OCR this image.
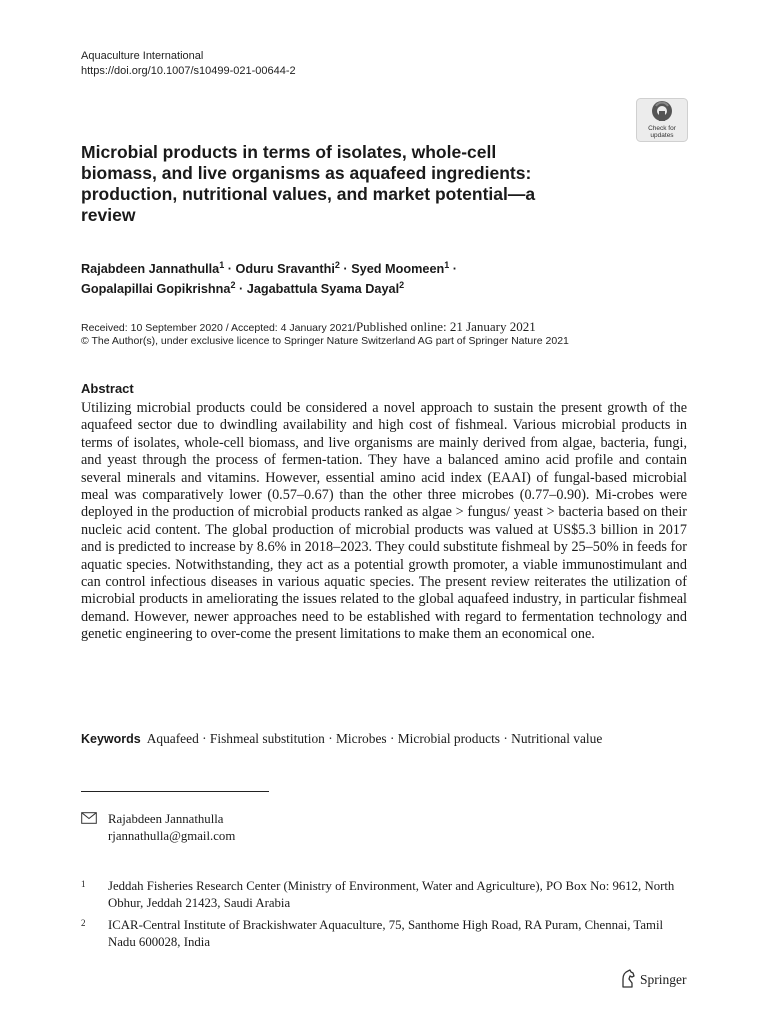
Aquaculture International
https://doi.org/10.1007/s10499-021-00644-2
Check for
updates
Microbial products in terms of isolates, whole-cell biomass, and live organisms as aquafeed ingredients: production, nutritional values, and market potential—a review
Rajabdeen Jannathulla$^1$ · Oduru Sravanthi$^2$ · Syed Moomeen$^1$ ·
Gopalapillai Gopikrishna$^2$ · Jagabattula Syama Dayal$^2$
Received: 10 September 2020 / Accepted: 4 January 2021/Published online: 21 January 2021
© The Author(s), under exclusive licence to Springer Nature Switzerland AG part of Springer Nature 2021
Abstract

Utilizing microbial products could be considered a novel approach to sustain the present growth of the aquafeed sector due to dwindling availability and high cost of fishmeal. Various microbial products in terms of isolates, whole-cell biomass, and live organisms are mainly derived from algae, bacteria, fungi, and yeast through the process of fermen-tation. They have a balanced amino acid profile and contain several minerals and vitamins. However, essential amino acid index (EAAI) of fungal-based microbial meal was comparatively lower (0.57–0.67) than the other three microbes (0.77–0.90). Mi-crobes were deployed in the production of microbial products ranked as algae > fungus/ yeast > bacteria based on their nucleic acid content. The global production of microbial products was valued at US$5.3 billion in 2017 and is predicted to increase by 8.6% in 2018–2023. They could substitute fishmeal by 25–50% in feeds for aquatic species. Notwithstanding, they act as a potential growth promoter, a viable immunostimulant and can control infectious diseases in various aquatic species. The present review reiterates the utilization of microbial products in ameliorating the issues related to the global aquafeed industry, in particular fishmeal demand. However, newer approaches need to be established with regard to fermentation technology and genetic engineering to over-come the present limitations to make them an economical one.

Keywords Aquafeed · Fishmeal substitution · Microbes · Microbial products · Nutritional value
Rajabdeen Jannathulla
rjannathulla@gmail.com
1 Jeddah Fisheries Research Center (Ministry of Environment, Water and Agriculture), PO Box No: 9612, North Obhur, Jeddah 21423, Saudi Arabia
2 ICAR-Central Institute of Brackishwater Aquaculture, 75, Santhome High Road, RA Puram, Chennai, Tamil Nadu 600028, India
Springer
